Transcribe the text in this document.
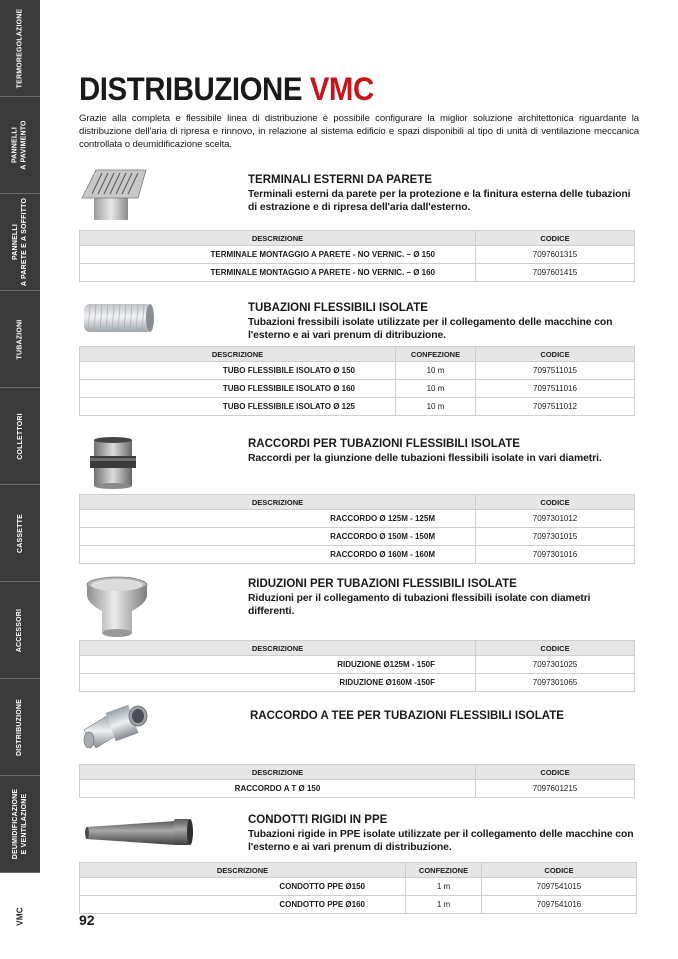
TERMOREGOLAZIONE
PANNELLI
A PAVIMENTO
PANNELLI
A PARETE E A SOFFITTO
TUBAZIONI
COLLETTORI
CASSETTE
ACCESSORI
DISTRIBUZIONE
DEUMIDIFICAZIONE
E VENTILAZIONE
VMC
DISTRIBUZIONE VMC

Grazie alla completa e flessibile linea di distribuzione è possibile configurare la miglior soluzione architettonica riguardante la distribuzione dell'aria di ripresa e rinnovo, in relazione al sistema edificio e spazi disponibili al tipo di unità di ventilazione meccanica controllata o deumidificazione scelta.

TERMINALI ESTERNI DA PARETE
Terminali esterni da parete per la protezione e la finitura esterna delle tubazioni di estrazione e di ripresa dell'aria dall'esterno.
DESCRIZIONE	CODICE
TERMINALE MONTAGGIO A PARETE - NO VERNIC. – Ø 150	7097601315
TERMINALE MONTAGGIO A PARETE - NO VERNIC. – Ø 160	7097601415
TUBAZIONI FLESSIBILI ISOLATE
Tubazioni fressibili isolate utilizzate per il collegamento delle macchine con l'esterno e ai vari prenum di ditribuzione.
DESCRIZIONE	CONFEZIONE	CODICE
TUBO FLESSIBILE ISOLATO Ø 150	10 m	7097511015
TUBO FLESSIBILE ISOLATO Ø 160	10 m	7097511016
TUBO FLESSIBILE ISOLATO Ø 125	10 m	7097511012
RACCORDI PER TUBAZIONI FLESSIBILI ISOLATE
Raccordi per la giunzione delle tubazioni flessibili isolate in vari diametri.
DESCRIZIONE	CODICE
RACCORDO Ø 125M - 125M	7097301012
RACCORDO Ø 150M - 150M	7097301015
RACCORDO Ø 160M - 160M	7097301016
RIDUZIONI PER TUBAZIONI FLESSIBILI ISOLATE
Riduzioni per il collegamento di tubazioni flessibili isolate con diametri differenti.
DESCRIZIONE	CODICE
RIDUZIONE Ø125M - 150F	7097301025
RIDUZIONE Ø160M -150F	7097301065
RACCORDO A TEE PER TUBAZIONI FLESSIBILI ISOLATE
DESCRIZIONE	CODICE
RACCORDO A T Ø 150	7097601215
CONDOTTI RIGIDI IN PPE
Tubazioni rigide in PPE isolate utilizzate per il collegamento delle macchine con l'esterno e ai vari prenum di distribuzione.
DESCRIZIONE	CONFEZIONE	CODICE
CONDOTTO PPE Ø150	1 m	7097541015
CONDOTTO PPE Ø160	1 m	7097541016
92
